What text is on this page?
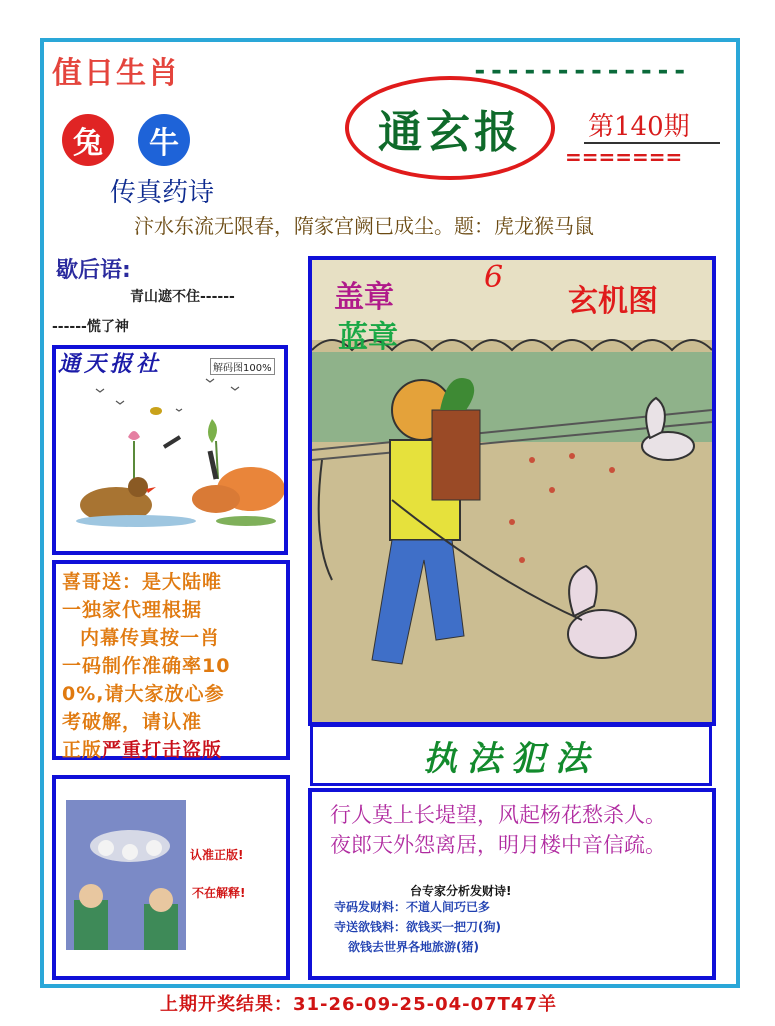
值日生肖	-------------
兔	牛
传真药诗
通玄报	第140期
=======
汴水东流无限春，隋家宫阙已成尘。题：虎龙猴马鼠
歇后语:
青山遮不住------
------慌了神
通天报社	解码图100%
喜哥送：是大陆唯
一独家代理根据
内幕传真按一肖
一码制作准确率10
0%,请大家放心参
考破解，请认准
正版严重打击盗版
认准正版!
不在解释!
盖章
蓝章
6
玄机图
执法犯法
行人莫上长堤望，风起杨花愁杀人。
夜郎天外怨离居，明月楼中音信疏。
台专家分析发财诗!
寺码发财料：不道人间巧已多
寺送欲钱料：欲钱买一把刀(狗)
欲钱去世界各地旅游(猪)
上期开奖结果：31-26-09-25-04-07T47羊
